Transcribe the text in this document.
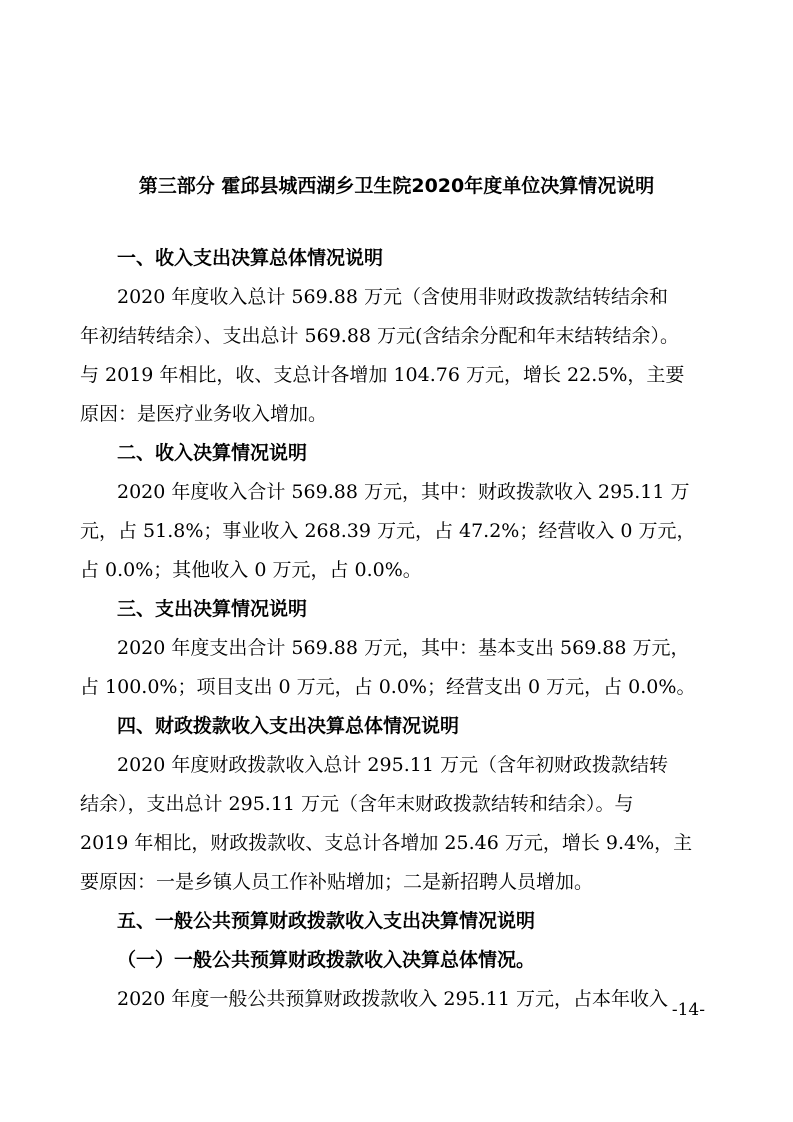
第三部分 霍邱县城西湖乡卫生院2020年度单位决算情况说明
一、收入支出决算总体情况说明
2020 年度收入总计 569.88 万元（含使用非财政拨款结转结余和
年初结转结余）、支出总计 569.88 万元(含结余分配和年末结转结余）。
与 2019 年相比，收、支总计各增加 104.76 万元，增长 22.5%，主要
原因：是医疗业务收入增加。
二、收入决算情况说明
2020 年度收入合计 569.88 万元，其中：财政拨款收入 295.11 万
元，占 51.8%；事业收入 268.39 万元，占 47.2%；经营收入 0 万元，
占 0.0%；其他收入 0 万元，占 0.0%。
三、支出决算情况说明
2020 年度支出合计 569.88 万元，其中：基本支出 569.88 万元，
占 100.0%；项目支出 0 万元，占 0.0%；经营支出 0 万元，占 0.0%。
四、财政拨款收入支出决算总体情况说明
2020 年度财政拨款收入总计 295.11 万元（含年初财政拨款结转
结余），支出总计 295.11 万元（含年末财政拨款结转和结余）。与
2019 年相比，财政拨款收、支总计各增加 25.46 万元，增长 9.4%，主
要原因：一是乡镇人员工作补贴增加；二是新招聘人员增加。
五、一般公共预算财政拨款收入支出决算情况说明
（一）一般公共预算财政拨款收入决算总体情况。
2020 年度一般公共预算财政拨款收入 295.11 万元，占本年收入 -14-
